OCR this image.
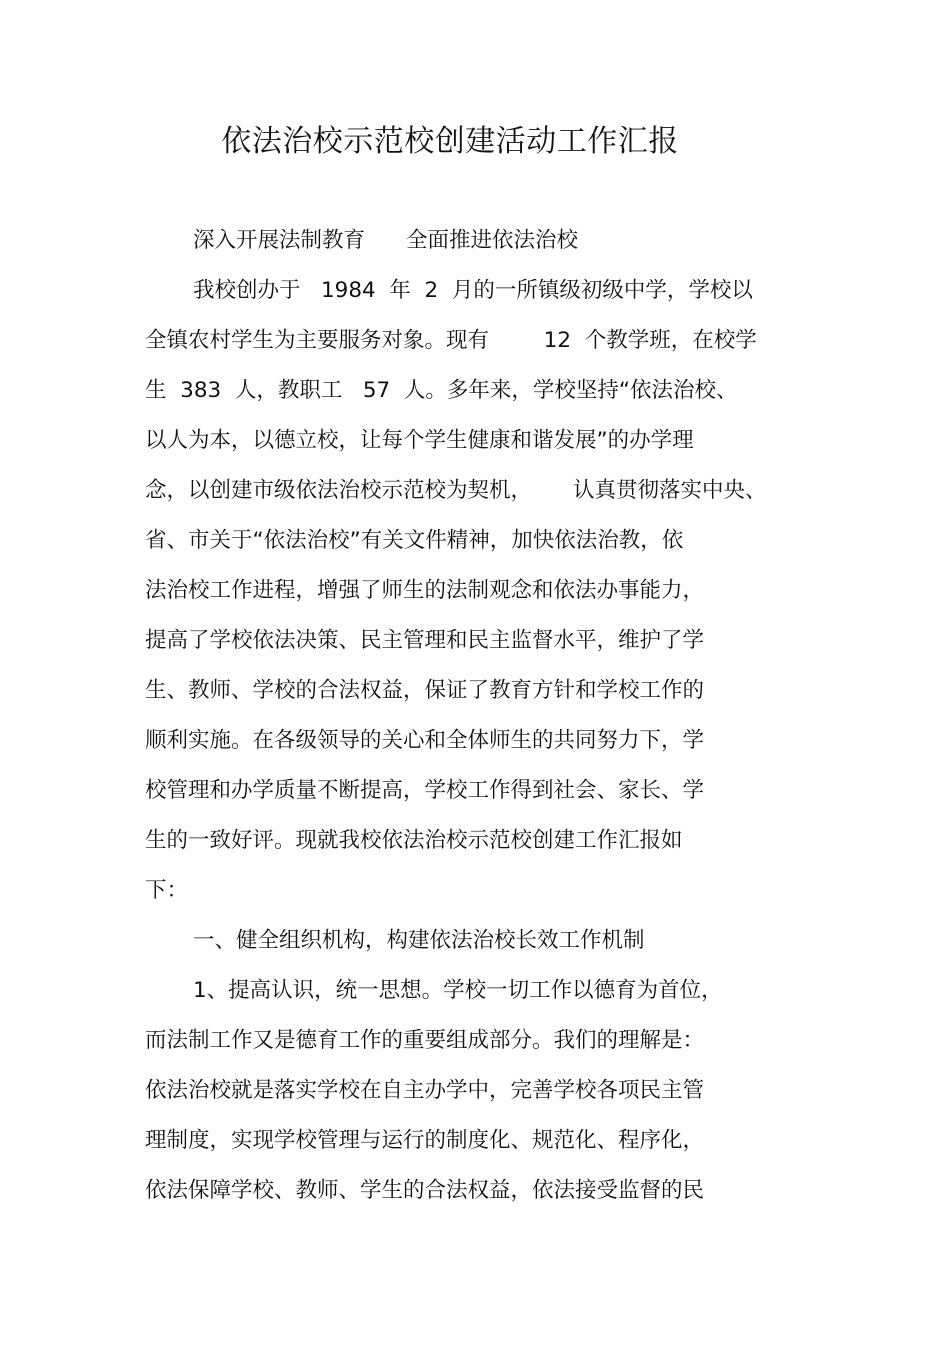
依法治校示范校创建活动工作汇报
深入开展法制教育      全面推进依法治校
我校创办于   1984  年  2  月的一所镇级初级中学，学校以
全镇农村学生为主要服务对象。现有        12  个教学班，在校学
生  383  人，教职工   57  人。多年来，学校坚持“依法治校、
以人为本，以德立校，让每个学生健康和谐发展”的办学理
念，以创建市级依法治校示范校为契机，      认真贯彻落实中央、
省、市关于“依法治校”有关文件精神，加快依法治教，依
法治校工作进程，增强了师生的法制观念和依法办事能力，
提高了学校依法决策、民主管理和民主监督水平，维护了学
生、教师、学校的合法权益，保证了教育方针和学校工作的
顺利实施。在各级领导的关心和全体师生的共同努力下，学
校管理和办学质量不断提高，学校工作得到社会、家长、学
生的一致好评。现就我校依法治校示范校创建工作汇报如
下：
一、健全组织机构，构建依法治校长效工作机制
1、提高认识，统一思想。学校一切工作以德育为首位，
而法制工作又是德育工作的重要组成部分。我们的理解是：
依法治校就是落实学校在自主办学中，完善学校各项民主管
理制度，实现学校管理与运行的制度化、规范化、程序化，
依法保障学校、教师、学生的合法权益，依法接受监督的民
